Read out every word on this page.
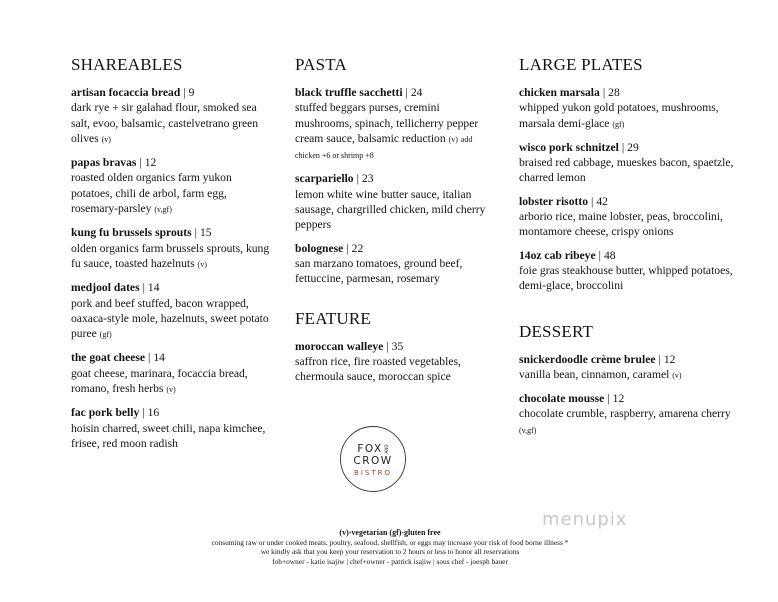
SHAREABLES
artisan focaccia bread | 9
dark rye + sir galahad flour, smoked sea salt, evoo, balsamic, castelvetrano green olives (v)
papas bravas | 12
roasted olden organics farm yukon potatoes, chili de arbol, farm egg, rosemary-parsley (v,gf)
kung fu brussels sprouts | 15
olden organics farm brussels sprouts, kung fu sauce, toasted hazelnuts (v)
medjool dates | 14
pork and beef stuffed, bacon wrapped, oaxaca-style mole, hazelnuts, sweet potato puree (gf)
the goat cheese | 14
goat cheese, marinara, focaccia bread, romano, fresh herbs (v)
fac pork belly | 16
hoisin charred, sweet chili, napa kimchee, frisee, red moon radish
PASTA
black truffle sacchetti | 24
stuffed beggars purses, cremini mushrooms, spinach, tellicherry pepper cream sauce, balsamic reduction (v) add chicken +6 or shrimp +8
scarpariello | 23
lemon white wine butter sauce, italian sausage, chargrilled chicken, mild cherry peppers
bolognese | 22
san marzano tomatoes, ground beef, fettuccine, parmesan, rosemary
FEATURE
moroccan walleye | 35
saffron rice, fire roasted vegetables, chermoula sauce, moroccan spice
LARGE PLATES
chicken marsala | 28
whipped yukon gold potatoes, mushrooms, marsala demi-glace (gf)
wisco pork schnitzel | 29
braised red cabbage, mueskes bacon, spaetzle, charred lemon
lobster risotto | 42
arborio rice, maine lobster, peas, broccolini, montamore cheese, crispy onions
14oz cab ribeye | 48
foie gras steakhouse butter, whipped potatoes, demi-glace, broccolini
DESSERT
snickerdoodle crème brulee | 12
vanilla bean, cinnamon, caramel (v)
chocolate mousse | 12
chocolate crumble, raspberry, amarena cherry (v,gf)
FOX AND
CROW
BISTRO
(v)-vegetarian (gf)-gluten free
consuming raw or under cooked meats, poultry, seafood, shellfish, or eggs may increase your risk of food borne illness *
we kindly ask that you keep your reservation to 2 hours or less to honor all reservations
foh+owner - katie isajiw | chef+owner - patrick isajiw | sous chef - joesph bauer
menupix
